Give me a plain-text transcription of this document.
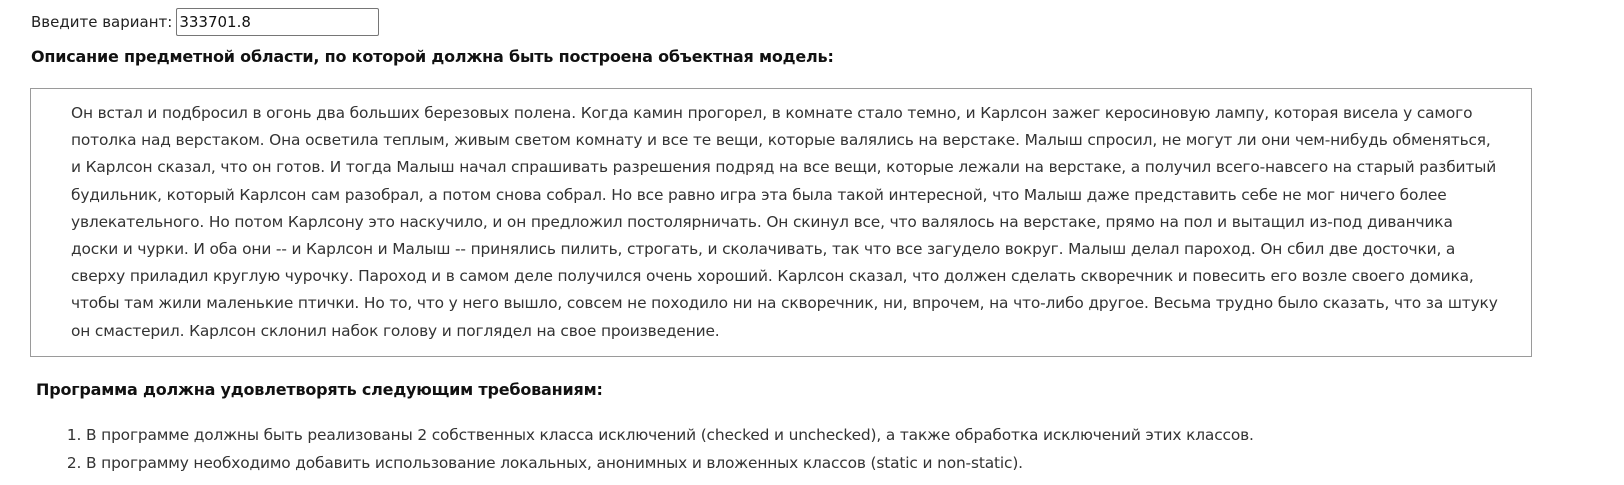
Введите вариант:
333701.8
Описание предметной области, по которой должна быть построена объектная модель:

Он встал и подбросил в огонь два больших березовых полена. Когда камин прогорел, в комнате стало темно, и Карлсон зажег керосиновую лампу, которая висела у самого потолка над верстаком. Она осветила теплым, живым светом комнату и все те вещи, которые валялись на верстаке. Малыш спросил, не могут ли они чем-нибудь обменяться, и Карлсон сказал, что он готов. И тогда Малыш начал спрашивать разрешения подряд на все вещи, которые лежали на верстаке, а получил всего-навсего на старый разбитый будильник, который Карлсон сам разобрал, а потом снова собрал. Но все равно игра эта была такой интересной, что Малыш даже представить себе не мог ничего более увлекательного. Но потом Карлсону это наскучило, и он предложил постолярничать. Он скинул все, что валялось на верстаке, прямо на пол и вытащил из-под диванчика доски и чурки. И оба они -- и Карлсон и Малыш -- принялись пилить, строгать, и сколачивать, так что все загудело вокруг. Малыш делал пароход. Он сбил две досточки, а сверху приладил круглую чурочку. Пароход и в самом деле получился очень хороший. Карлсон сказал, что должен сделать скворечник и повесить его возле своего домика, чтобы там жили маленькие птички. Но то, что у него вышло, совсем не походило ни на скворечник, ни, впрочем, на что-либо другое. Весьма трудно было сказать, что за штуку он смастерил. Карлсон склонил набок голову и поглядел на свое произведение.

Программа должна удовлетворять следующим требованиям:
1. В программе должны быть реализованы 2 собственных класса исключений (checked и unchecked), а также обработка исключений этих классов.
2. В программу необходимо добавить использование локальных, анонимных и вложенных классов (static и non-static).
